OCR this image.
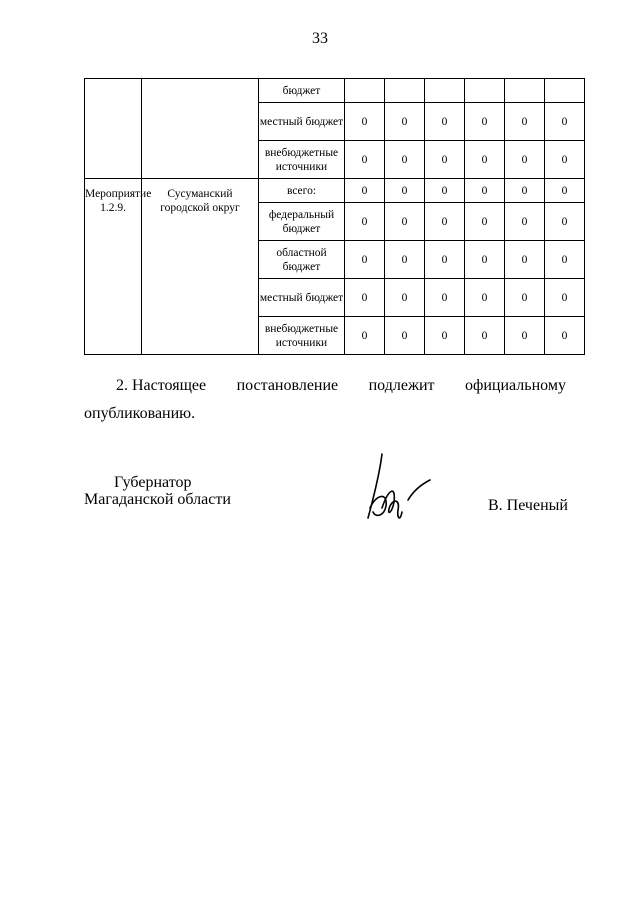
33
		бюджет						
		местный бюджет	0	0	0	0	0	0
		внебюджетные источники	0	0	0	0	0	0
Мероприятие 1.2.9.	Сусуманский городской округ	всего:	0	0	0	0	0	0
		федеральный бюджет	0	0	0	0	0	0
		областной бюджет	0	0	0	0	0	0
		местный бюджет	0	0	0	0	0	0
		внебюджетные источники	0	0	0	0	0	0
2. Настоящее постановление подлежит официальному
опубликованию.
Губернатор
Магаданской области	В. Печеный
